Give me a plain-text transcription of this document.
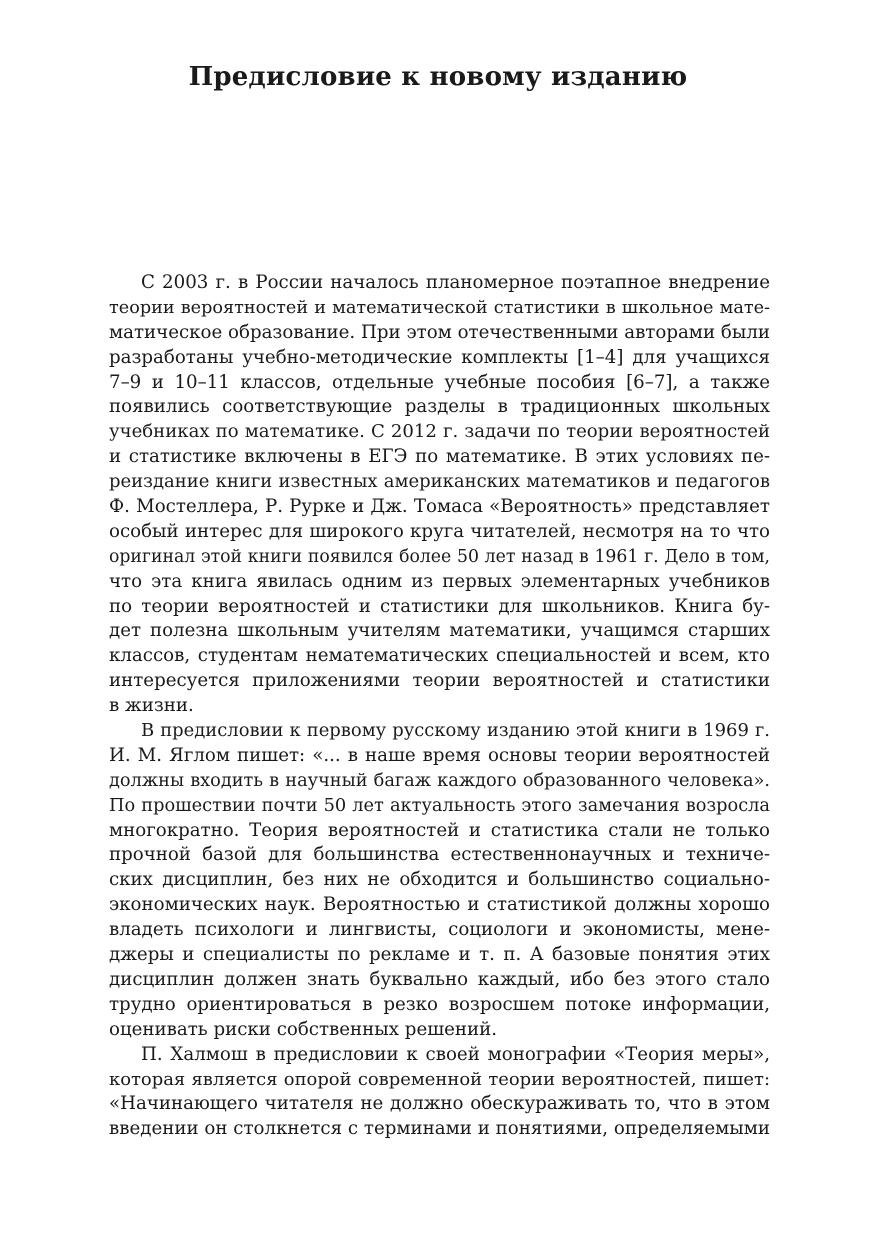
Предисловие к новому изданию
С 2003 г. в России началось планомерное поэтапное внедрение
теории вероятностей и математической статистики в школьное мате-
матическое образование. При этом отечественными авторами были
разработаны учебно-методические комплекты [1–4] для учащихся
7–9 и 10–11 классов, отдельные учебные пособия [6–7], а также
появились соответствующие разделы в традиционных школьных
учебниках по математике. С 2012 г. задачи по теории вероятностей
и статистике включены в ЕГЭ по математике. В этих условиях пе-
реиздание книги известных американских математиков и педагогов
Ф. Мостеллера, Р. Рурке и Дж. Томаса «Вероятность» представляет
особый интерес для широкого круга читателей, несмотря на то что
оригинал этой книги появился более 50 лет назад в 1961 г. Дело в том,
что эта книга явилась одним из первых элементарных учебников
по теории вероятностей и статистики для школьников. Книга бу-
дет полезна школьным учителям математики, учащимся старших
классов, студентам нематематических специальностей и всем, кто
интересуется приложениями теории вероятностей и статистики
в жизни.
В предисловии к первому русскому изданию этой книги в 1969 г.
И. М. Яглом пишет: «... в наше время основы теории вероятностей
должны входить в научный багаж каждого образованного человека».
По прошествии почти 50 лет актуальность этого замечания возросла
многократно. Теория вероятностей и статистика стали не только
прочной базой для большинства естественнонаучных и техниче-
ских дисциплин, без них не обходится и большинство социально-
экономических наук. Вероятностью и статистикой должны хорошо
владеть психологи и лингвисты, социологи и экономисты, мене-
джеры и специалисты по рекламе и т. п. А базовые понятия этих
дисциплин должен знать буквально каждый, ибо без этого стало
трудно ориентироваться в резко возросшем потоке информации,
оценивать риски собственных решений.
П. Халмош в предисловии к своей монографии «Теория меры»,
которая является опорой современной теории вероятностей, пишет:
«Начинающего читателя не должно обескураживать то, что в этом
введении он столкнется с терминами и понятиями, определяемыми
